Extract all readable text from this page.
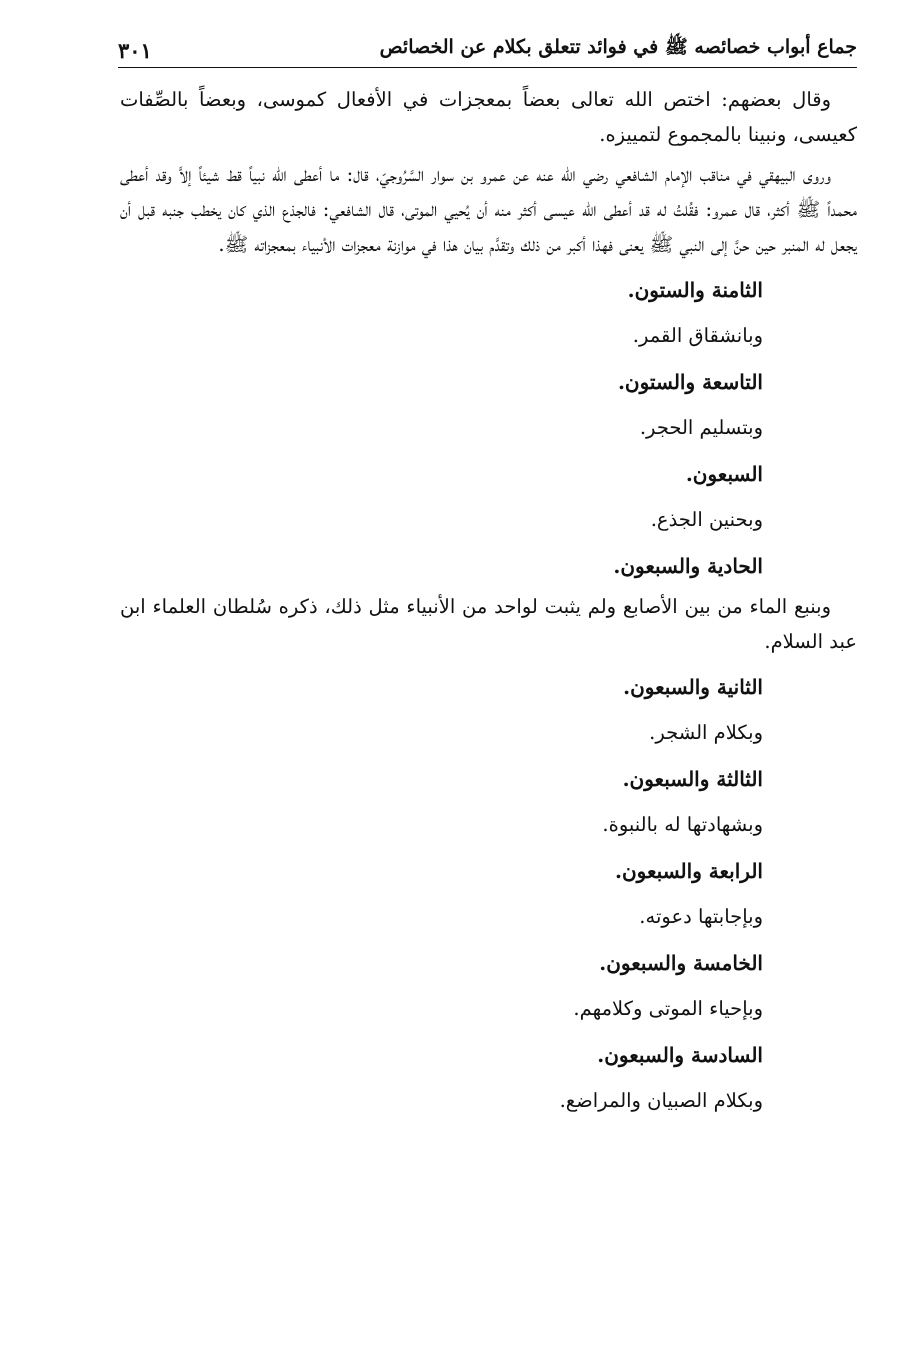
جماع أبواب خصائصه ﷺ في فوائد تتعلق بكلام عن الخصائص
٣٠١

وقال بعضهم: اختص الله تعالى بعضاً بمعجزات في الأفعال كموسى، وبعضاً بالصِّفات كعيسى، ونبينا بالمجموع لتمييزه.

وروى البيهقي في مناقب الإمام الشافعي رضي الله عنه عن عمرو بن سوار السَّرُوجيّ، قال: ما أعطى الله نبياً قط شيئاً إلاَّ وقد أعطى محمداً ﷺ أكثر، قال عمرو: فقُلتُ له قد أعطى الله عيسى أكثر منه أن يُحيي الموتى، قال الشافعي: فالجذع الذي كان يخطب جنبه قبل أن يجعل له المنبر حين حنَّ إلى النبي ﷺ يعنى فهذا أكبر من ذلك وتقدَّم بيان هذا في موازنة معجزات الأنبياء بمعجزاته ﷺ.

الثامنة والستون.

وبانشقاق القمر.

التاسعة والستون.

وبتسليم الحجر.

السبعون.

وبحنين الجذع.

الحادية والسبعون.

وبنبع الماء من بين الأصابع ولم يثبت لواحد من الأنبياء مثل ذلك، ذكره سُلطان العلماء ابن عبد السلام.

الثانية والسبعون.

وبكلام الشجر.

الثالثة والسبعون.

وبشهادتها له بالنبوة.

الرابعة والسبعون.

وبإجابتها دعوته.

الخامسة والسبعون.

وبإحياء الموتى وكلامهم.

السادسة والسبعون.

وبكلام الصبيان والمراضع.
